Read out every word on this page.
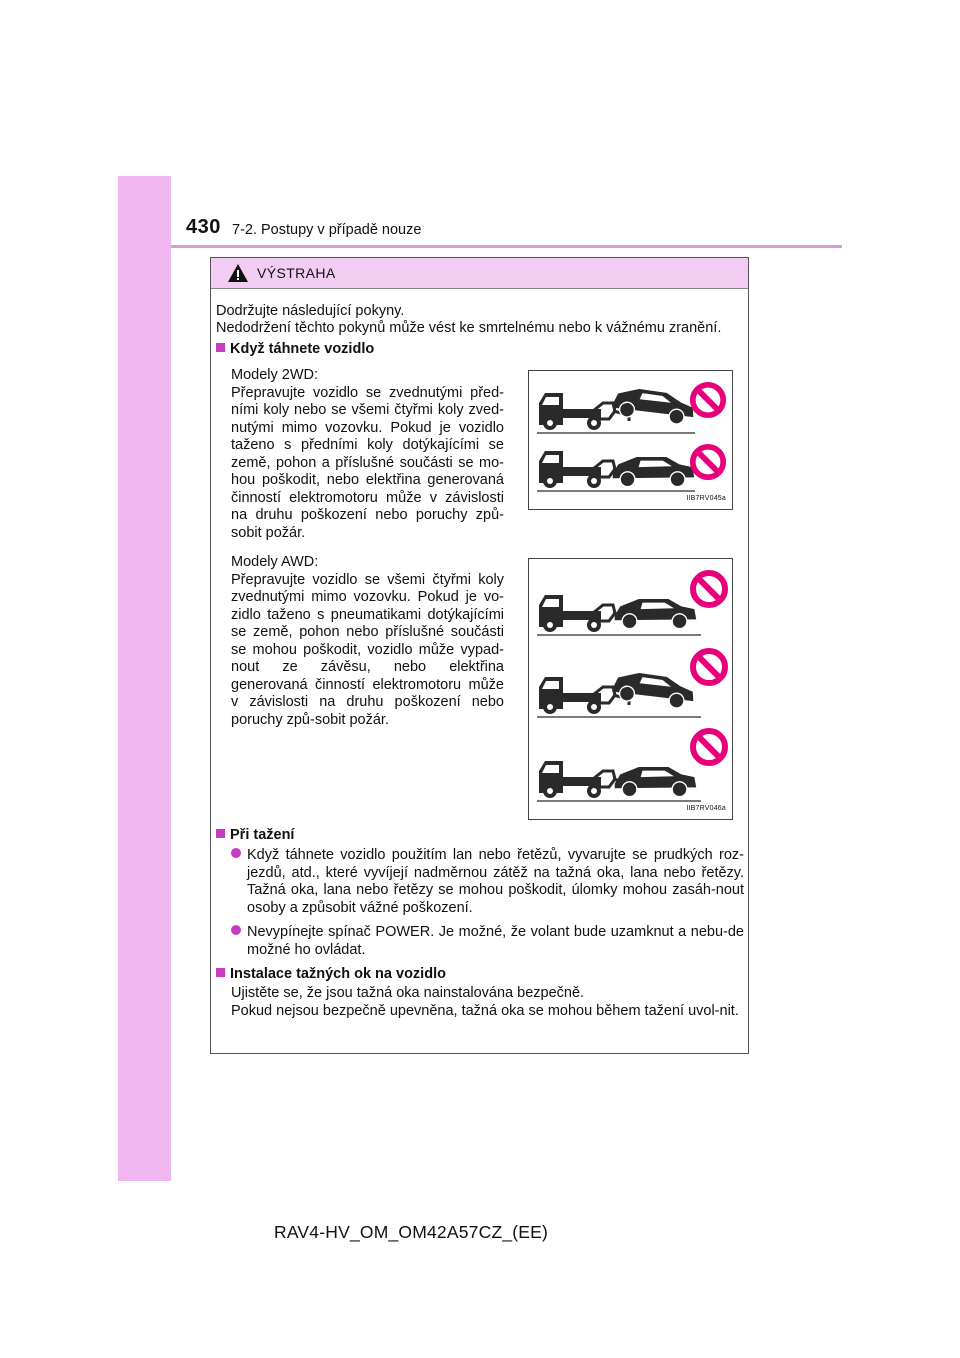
430 7-2. Postupy v případě nouze
VÝSTRAHA
Dodržujte následující pokyny.
Nedodržení těchto pokynů může vést ke smrtelnému nebo k vážnému zranění.
Když táhnete vozidlo
Modely 2WD:
Přepravujte vozidlo se zvednutými před-ními koly nebo se všemi čtyřmi koly zved-nutými mimo vozovku. Pokud je vozidlo taženo s předními koly dotýkajícími se země, pohon a příslušné součásti se mo-hou poškodit, nebo elektřina generovaná činností elektromotoru může v závislosti na druhu poškození nebo poruchy způ-sobit požár.
IIB7RV045a
Modely AWD:
Přepravujte vozidlo se všemi čtyřmi koly zvednutými mimo vozovku. Pokud je vo-zidlo taženo s pneumatikami dotýkajícími se země, pohon nebo příslušné součásti se mohou poškodit, vozidlo může vypad-nout ze závěsu, nebo elektřina generovaná činností elektromotoru může v závislosti na druhu poškození nebo poruchy způ-sobit požár.
IIB7RV046a
Při tažení
Když táhnete vozidlo použitím lan nebo řetězů, vyvarujte se prudkých roz-jezdů, atd., které vyvíjejí nadměrnou zátěž na tažná oka, lana nebo řetězy. Tažná oka, lana nebo řetězy se mohou poškodit, úlomky mohou zasáh-nout osoby a způsobit vážné poškození.
Nevypínejte spínač POWER. Je možné, že volant bude uzamknut a nebu-de možné ho ovládat.
Instalace tažných ok na vozidlo
Ujistěte se, že jsou tažná oka nainstalována bezpečně.
Pokud nejsou bezpečně upevněna, tažná oka se mohou během tažení uvol-nit.
RAV4-HV_OM_OM42A57CZ_(EE)
